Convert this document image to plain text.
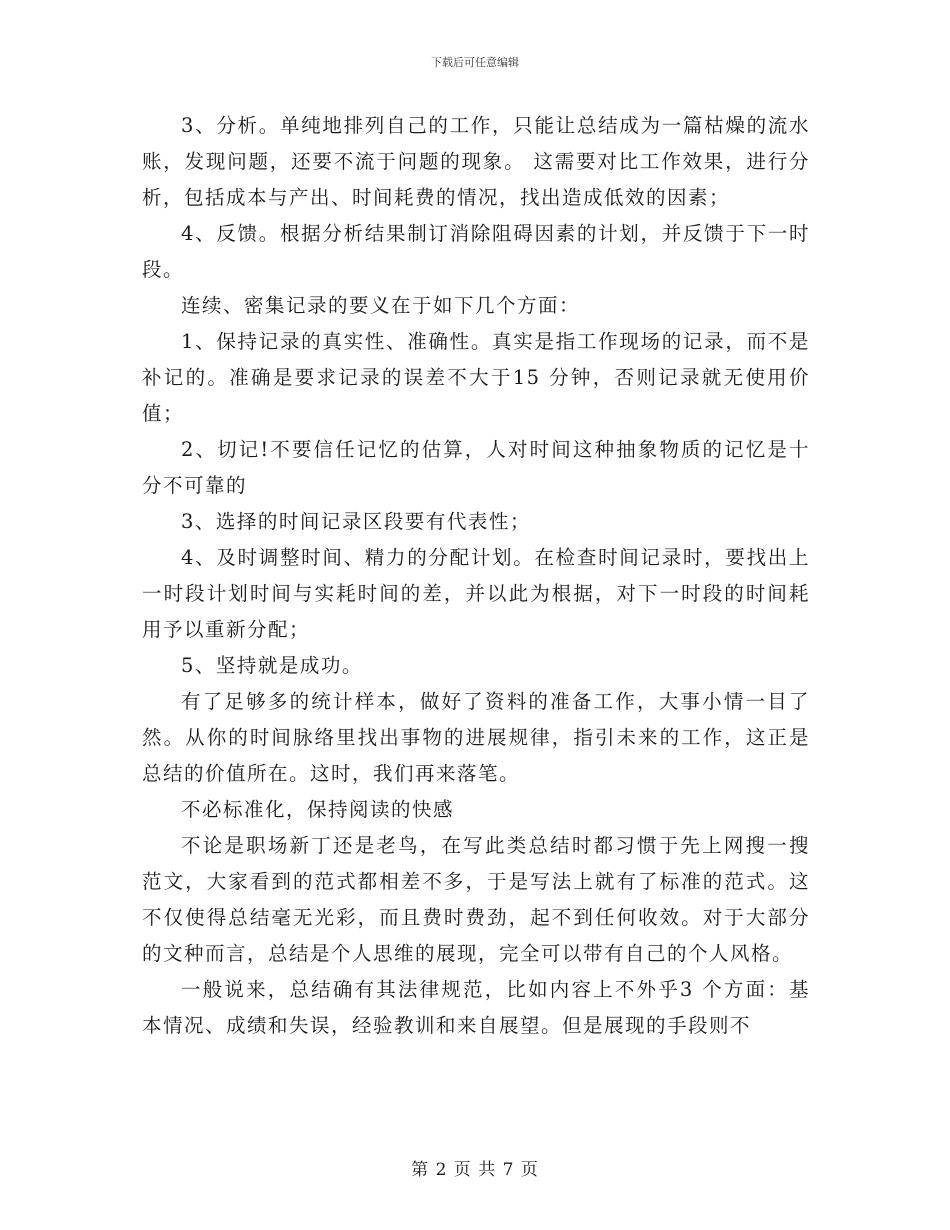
下载后可任意编辑

3、分析。单纯地排列自己的工作，只能让总结成为一篇枯燥的流水账，发现问题，还要不流于问题的现象。 这需要对比工作效果，进行分析，包括成本与产出、时间耗费的情况，找出造成低效的因素；

4、反馈。根据分析结果制订消除阻碍因素的计划，并反馈于下一时段。

连续、密集记录的要义在于如下几个方面：

1、保持记录的真实性、准确性。真实是指工作现场的记录，而不是补记的。准确是要求记录的误差不大于15 分钟，否则记录就无使用价值；

2、切记!不要信任记忆的估算，人对时间这种抽象物质的记忆是十分不可靠的

3、选择的时间记录区段要有代表性；

4、及时调整时间、精力的分配计划。在检查时间记录时，要找出上一时段计划时间与实耗时间的差，并以此为根据，对下一时段的时间耗用予以重新分配；

5、坚持就是成功。

有了足够多的统计样本，做好了资料的准备工作，大事小情一目了然。从你的时间脉络里找出事物的进展规律，指引未来的工作，这正是总结的价值所在。这时，我们再来落笔。

不必标准化，保持阅读的快感

不论是职场新丁还是老鸟，在写此类总结时都习惯于先上网搜一搜范文，大家看到的范式都相差不多，于是写法上就有了标准的范式。这不仅使得总结毫无光彩，而且费时费劲，起不到任何收效。对于大部分的文种而言，总结是个人思维的展现，完全可以带有自己的个人风格。

一般说来，总结确有其法律规范，比如内容上不外乎3 个方面：基本情况、成绩和失误，经验教训和来自展望。但是展现的手段则不

第 2 页 共 7 页
